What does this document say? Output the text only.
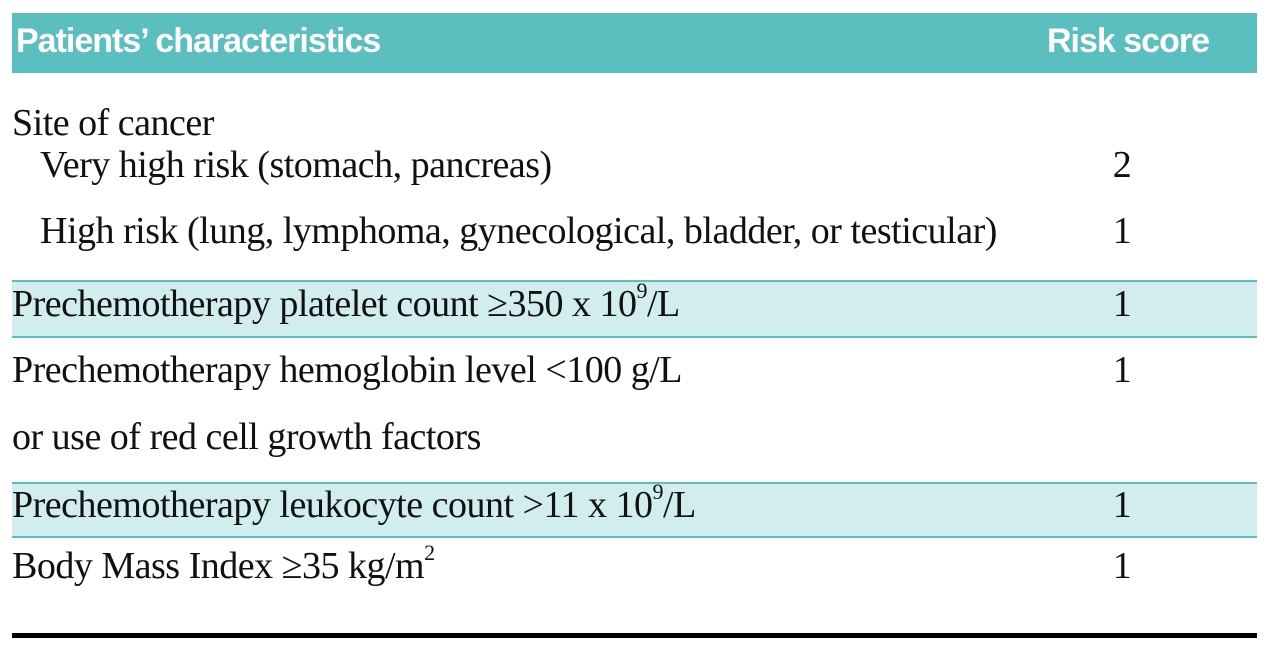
Patients’ characteristics	Risk score
Site of cancer
Very high risk (stomach, pancreas)	2
High risk (lung, lymphoma, gynecological, bladder, or testicular)	1
Prechemotherapy platelet count ≥350 x $10^9/L$	1
Prechemotherapy hemoglobin level <100 g/L	1
or use of red cell growth factors
Prechemotherapy leukocyte count >11 x $10^9/L$	1
Body Mass Index ≥35 $kg/m^2$	1
